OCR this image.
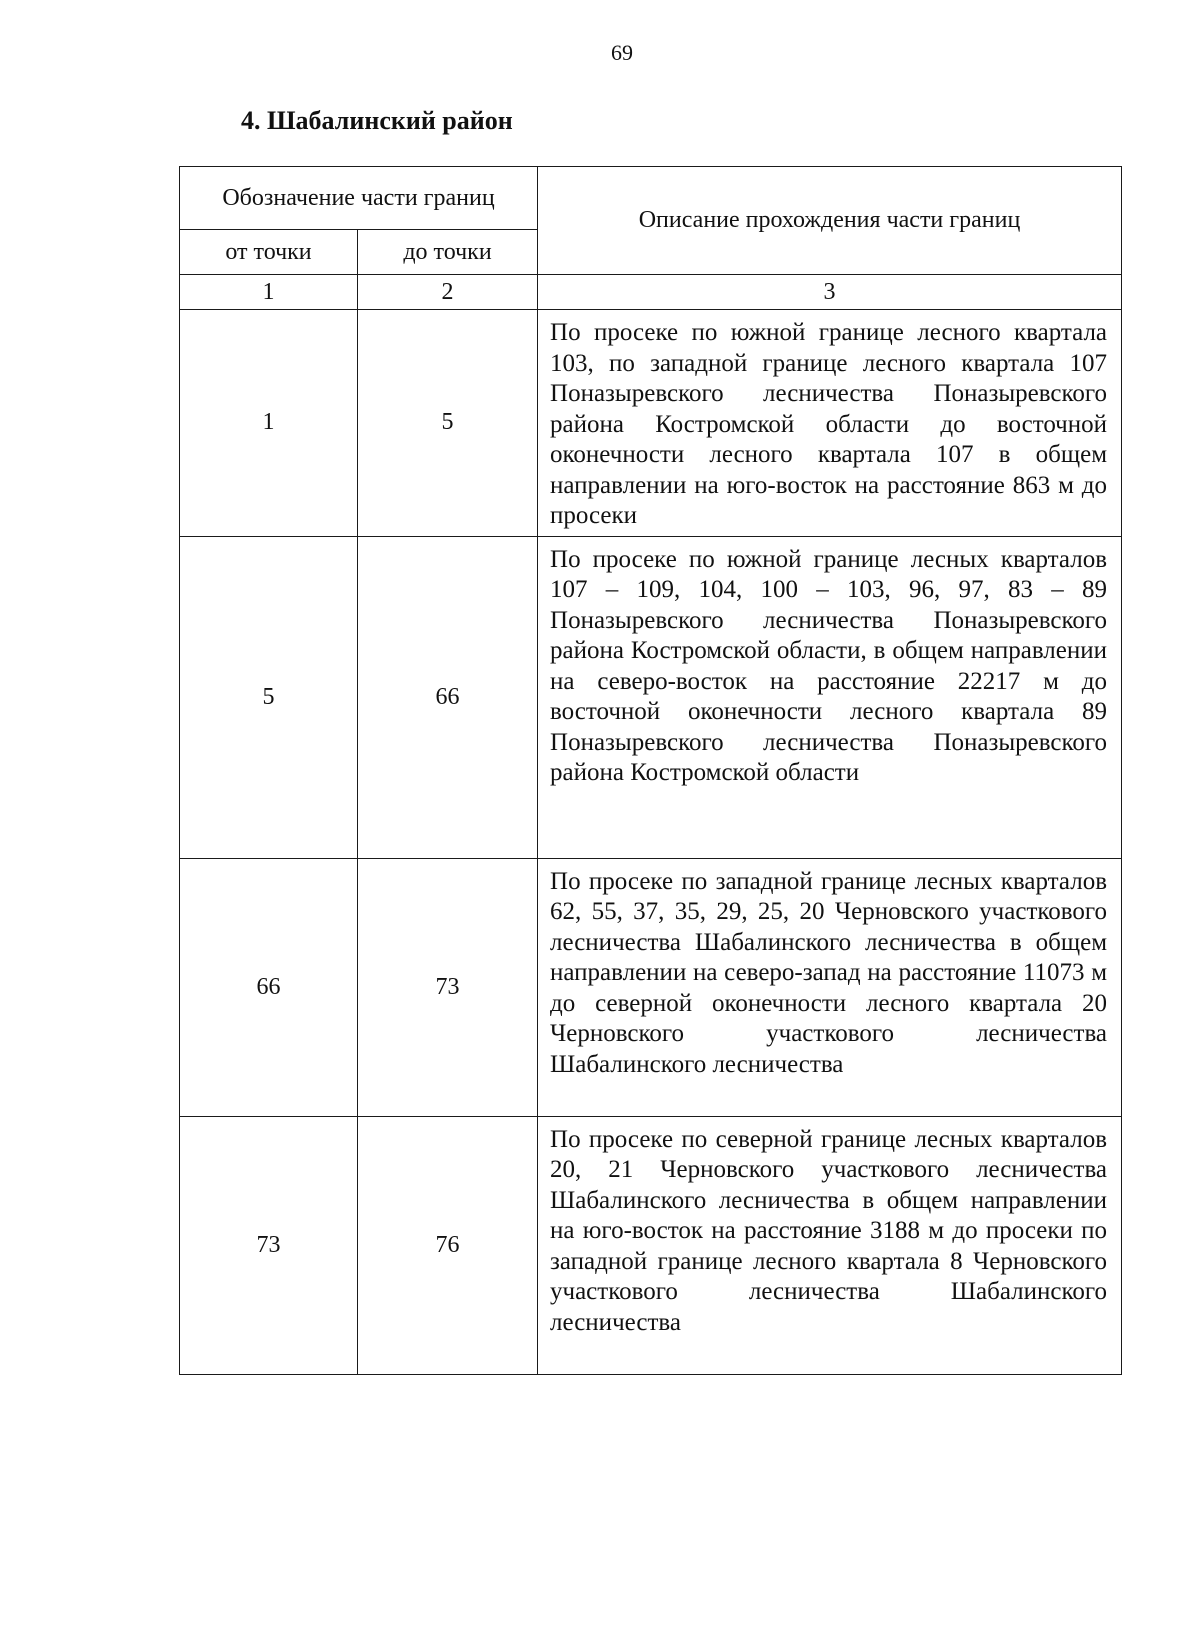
69
4. Шабалинский район
Обозначение части границ		Описание прохождения части границ
от точки	до точки	
1	2	3
1	5	По просеке по южной границе лесного квартала 103, по западной границе лесного квартала 107 Поназыревского лесничества Поназыревского района Костромской области до восточной оконечности лесного квартала 107 в общем направлении на юго-восток на расстояние 863 м до просеки
5	66	По просеке по южной границе лесных кварталов 107 – 109, 104, 100 – 103, 96, 97, 83 – 89 Поназыревского лесничества Поназыревского района Костромской области, в общем направлении на северо-восток на расстояние 22217 м до восточной оконечности лесного квартала 89 Поназыревского лесничества Поназыревского района Костромской области
66	73	По просеке по западной границе лесных кварталов 62, 55, 37, 35, 29, 25, 20 Черновского участкового лесничества Шабалинского лесничества в общем направлении на северо-запад на расстояние 11073 м до северной оконечности лесного квартала 20 Черновского участкового лесничества Шабалинского лесничества
73	76	По просеке по северной границе лесных кварталов 20, 21 Черновского участкового лесничества Шабалинского лесничества в общем направлении на юго-восток на расстояние 3188 м до просеки по западной границе лесного квартала 8 Черновского участкового лесничества Шабалинского лесничества
